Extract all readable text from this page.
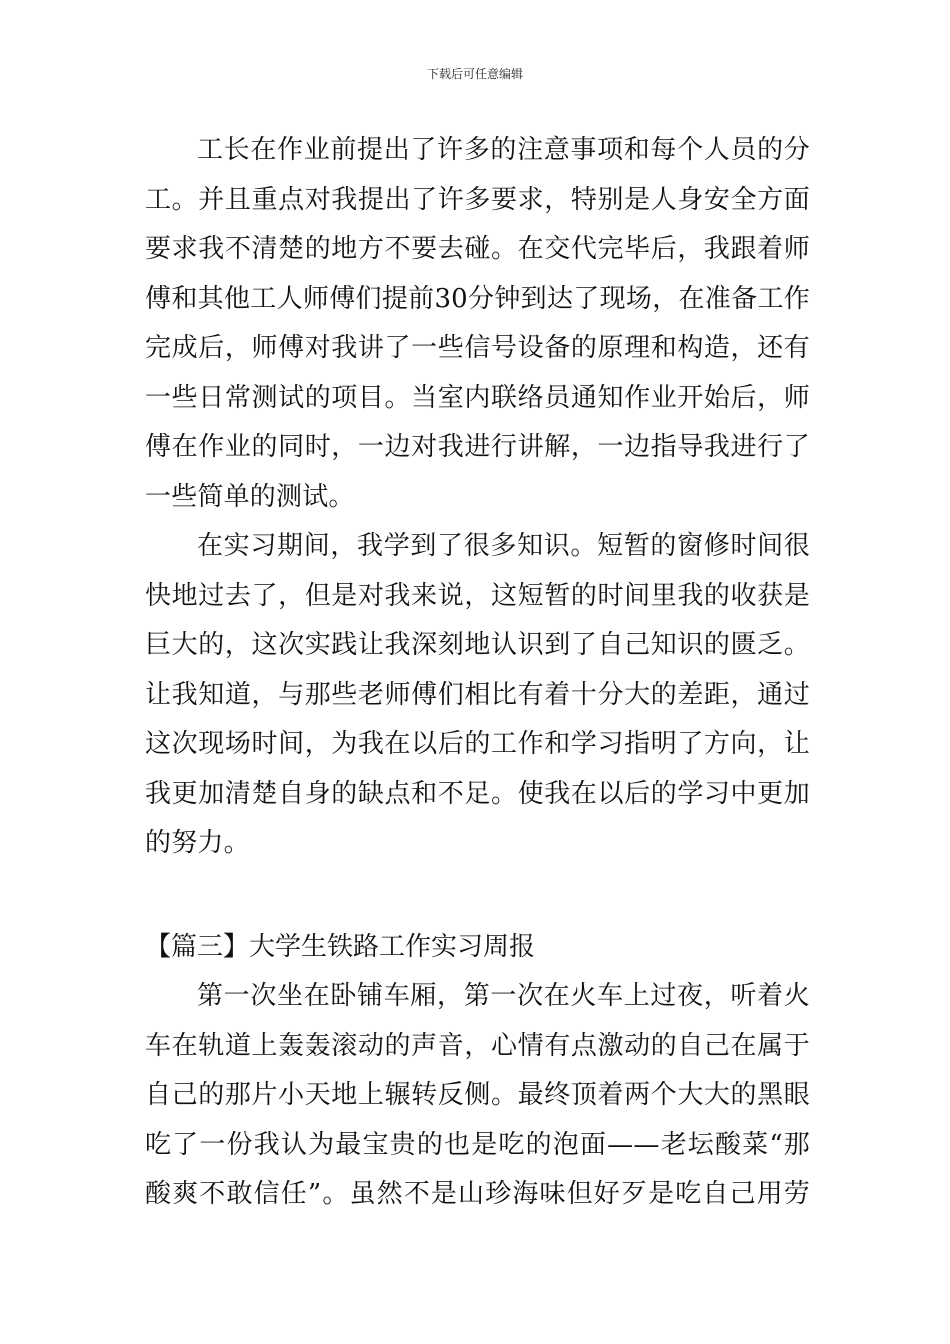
下载后可任意编辑
工长在作业前提出了许多的注意事项和每个人员的分
工。并且重点对我提出了许多要求，特别是人身安全方面
要求我不清楚的地方不要去碰。在交代完毕后，我跟着师
傅和其他工人师傅们提前30分钟到达了现场，在准备工作
完成后，师傅对我讲了一些信号设备的原理和构造，还有
一些日常测试的项目。当室内联络员通知作业开始后，师
傅在作业的同时，一边对我进行讲解，一边指导我进行了
一些简单的测试。
在实习期间，我学到了很多知识。短暂的窗修时间很
快地过去了，但是对我来说，这短暂的时间里我的收获是
巨大的，这次实践让我深刻地认识到了自己知识的匮乏。
让我知道，与那些老师傅们相比有着十分大的差距，通过
这次现场时间，为我在以后的工作和学习指明了方向，让
我更加清楚自身的缺点和不足。使我在以后的学习中更加
的努力。
【篇三】大学生铁路工作实习周报
第一次坐在卧铺车厢，第一次在火车上过夜，听着火
车在轨道上轰轰滚动的声音，心情有点激动的自己在属于
自己的那片小天地上辗转反侧。最终顶着两个大大的黑眼
吃了一份我认为最宝贵的也是吃的泡面——老坛酸菜“那
酸爽不敢信任”。虽然不是山珍海味但好歹是吃自己用劳
